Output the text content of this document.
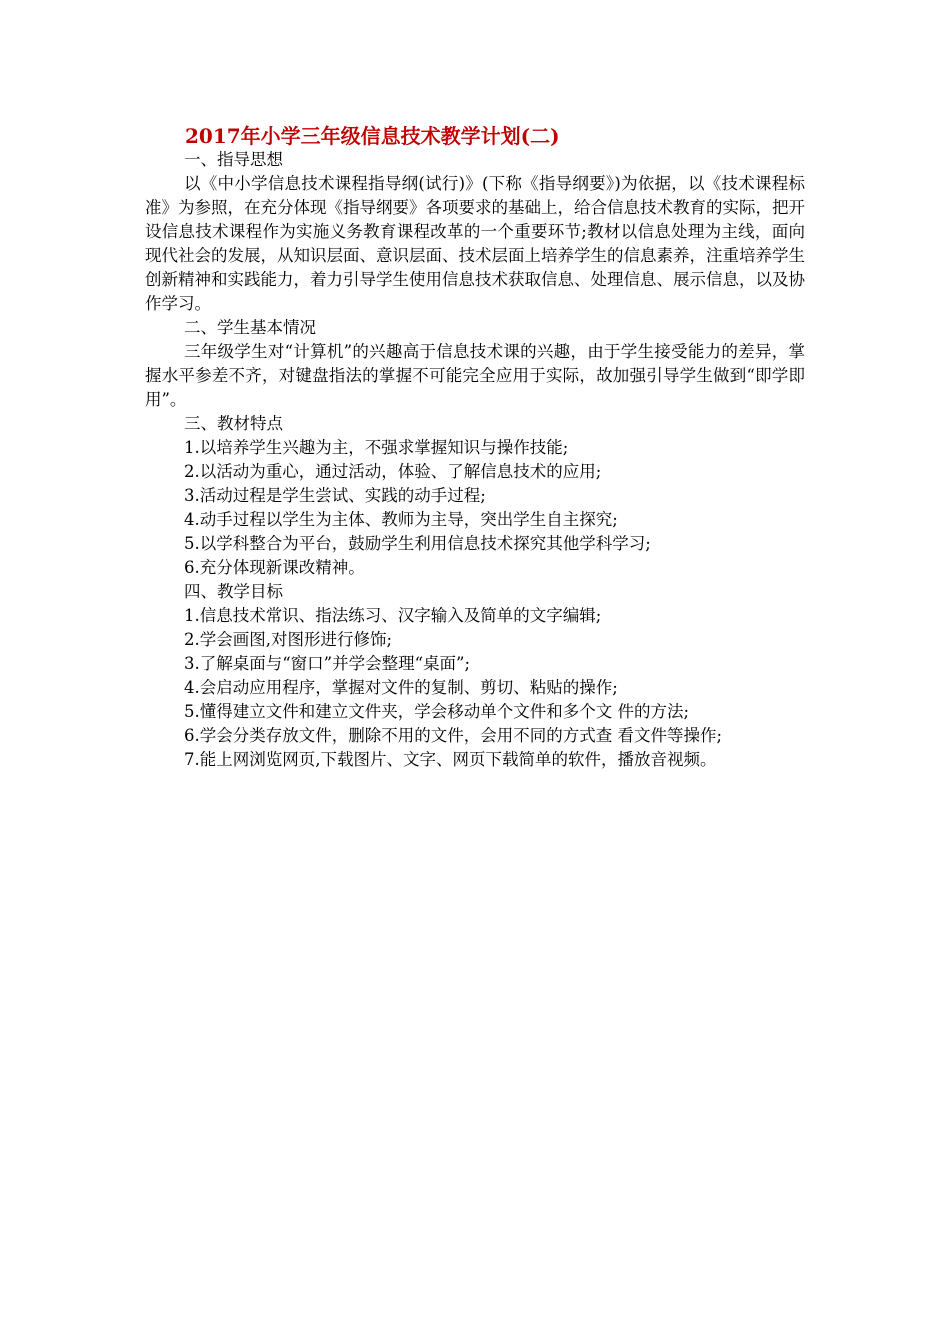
2017年小学三年级信息技术教学计划(二)
一、指导思想
以《中小学信息技术课程指导纲(试行)》(下称《指导纲要》)为依据，以《技术课程标准》为参照，在充分体现《指导纲要》各项要求的基础上，给合信息技术教育的实际，把开设信息技术课程作为实施义务教育课程改革的一个重要环节;教材以信息处理为主线，面向现代社会的发展，从知识层面、意识层面、技术层面上培养学生的信息素养，注重培养学生创新精神和实践能力，着力引导学生使用信息技术获取信息、处理信息、展示信息，以及协作学习。
二、学生基本情况
三年级学生对“计算机”的兴趣高于信息技术课的兴趣，由于学生接受能力的差异，掌握水平参差不齐，对键盘指法的掌握不可能完全应用于实际，故加强引导学生做到“即学即用”。
三、教材特点
1.以培养学生兴趣为主，不强求掌握知识与操作技能;
2.以活动为重心，通过活动，体验、了解信息技术的应用;
3.活动过程是学生尝试、实践的动手过程;
4.动手过程以学生为主体、教师为主导，突出学生自主探究;
5.以学科整合为平台，鼓励学生利用信息技术探究其他学科学习;
6.充分体现新课改精神。
四、教学目标
1.信息技术常识、指法练习、汉字输入及简单的文字编辑;
2.学会画图,对图形进行修饰;
3.了解桌面与“窗口”并学会整理“桌面”;
4.会启动应用程序，掌握对文件的复制、剪切、粘贴的操作;
5.懂得建立文件和建立文件夹，学会移动单个文件和多个文 件的方法;
6.学会分类存放文件，删除不用的文件，会用不同的方式查 看文件等操作;
7.能上网浏览网页,下载图片、文字、网页下载简单的软件，播放音视频。
